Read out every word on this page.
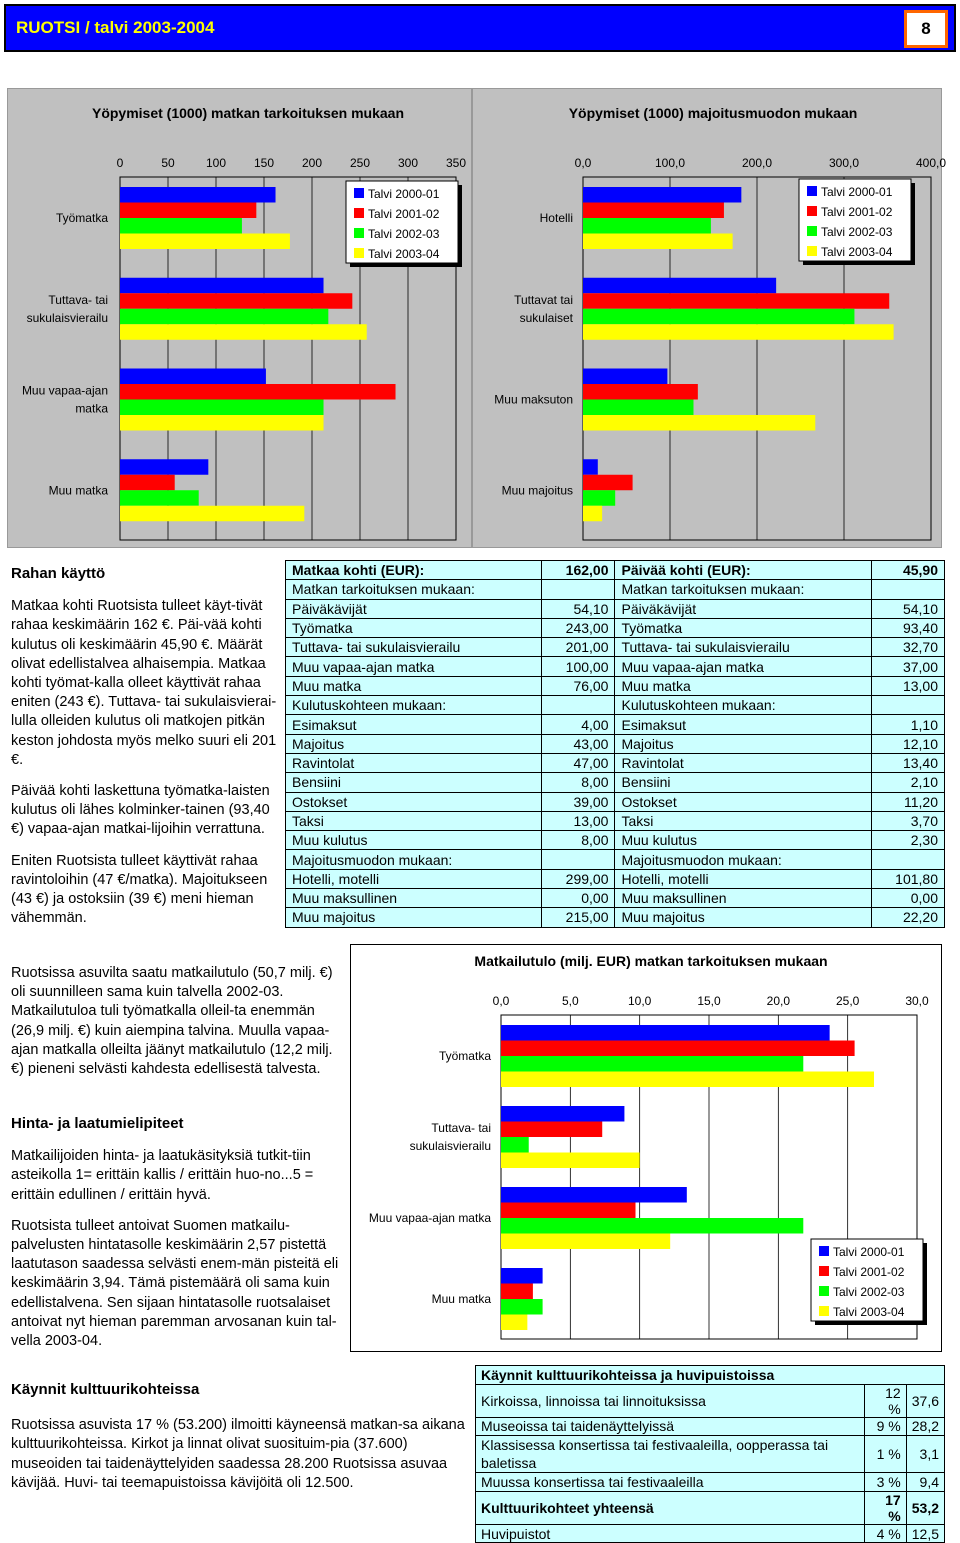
RUOTSI / talvi 2003-2004	8
Yöpymiset (1000) matkan tarkoituksen mukaan
0	50	100 150 200 250 300 350
Työmatka
Tuttava- tai
sukulaisvierailu
Muu vapaa-ajan
matka
Muu matka
Talvi 2000-01
Talvi 2001-02
Talvi 2002-03
Talvi 2003-04
Yöpymiset (1000) majoitusmuodon mukaan
0,0	100,0	200,0	300,0	400,0
Hotelli
Tuttavat tai
sukulaiset
Muu maksuton
Muu majoitus
Talvi 2000-01
Talvi 2001-02
Talvi 2002-03
Talvi 2003-04
Rahan käyttö

Matkaa kohti Ruotsista tulleet käyt-tivät rahaa keskimäärin 162 €. Päi-vää kohti kulutus oli keskimäärin 45,90 €. Määrät olivat edellistalvea alhaisempia. Matkaa kohti työmat-kalla olleet käyttivät rahaa eniten (243 €). Tuttava- tai sukulaisvierai-lulla olleiden kulutus oli matkojen pitkän keston johdosta myös melko suuri eli 201 €.

Päivää kohti laskettuna työmatka-laisten kulutus oli lähes kolminker-tainen (93,40 €) vapaa-ajan matkai-lijoihin verrattuna.

Eniten Ruotsista tulleet käyttivät rahaa ravintoloihin (47 €/matka). Majoitukseen (43 €) ja ostoksiin (39 €) meni hieman vähemmän.

Ruotsissa asuvilta saatu matkailutulo (50,7 milj. €) oli suunnilleen sama kuin talvella 2002-03. Matkailutuloa tuli työmatkalla olleil-ta enemmän (26,9 milj. €) kuin aiempina talvina. Muulla vapaa-ajan matkalla olleilta jäänyt matkailutulo (12,2 milj. €) pieneni selvästi kahdesta edellisestä talvesta.

Hinta- ja laatumielipiteet

Matkailijoiden hinta- ja laatukäsityksiä tutkit-tiin asteikolla 1= erittäin kallis / erittäin huo-no...5 = erittäin edullinen / erittäin hyvä.

Ruotsista tulleet antoivat Suomen matkailu-palvelusten hintatasolle keskimäärin 2,57 pistettä laatutason saadessa selvästi enem-män pisteitä eli keskimäärin 3,94. Tämä pistemäärä oli sama kuin edellistalvena. Sen sijaan hintatasolle ruotsalaiset antoivat nyt hieman paremman arvosanan kuin tal-vella 2003-04.

Käynnit kulttuurikohteissa

Ruotsissa asuvista 17 % (53.200) ilmoitti käyneensä matkan-sa aikana kulttuurikohteissa. Kirkot ja linnat olivat suosituim-pia (37.600) museoiden tai taidenäyttelyiden saadessa 28.200 Ruotsissa asuvaa kävijää. Huvi- tai teemapuistoissa kävijöitä oli 12.500.

Matkaa kohti (EUR):	162,00	Päivää kohti (EUR):	45,90
Matkan tarkoituksen mukaan:		Matkan tarkoituksen mukaan:	
Päiväkävijät	54,10	Päiväkävijät	54,10
Työmatka	243,00	Työmatka	93,40
Tuttava- tai sukulaisvierailu	201,00	Tuttava- tai sukulaisvierailu	32,70
Muu vapaa-ajan matka	100,00	Muu vapaa-ajan matka	37,00
Muu matka	76,00	Muu matka	13,00
Kulutuskohteen mukaan:		Kulutuskohteen mukaan:	
Esimaksut	4,00	Esimaksut	1,10
Majoitus	43,00	Majoitus	12,10
Ravintolat	47,00	Ravintolat	13,40
Bensiini	8,00	Bensiini	2,10
Ostokset	39,00	Ostokset	11,20
Taksi	13,00	Taksi	3,70
Muu kulutus	8,00	Muu kulutus	2,30
Majoitusmuodon mukaan:		Majoitusmuodon mukaan:	
Hotelli, motelli	299,00	Hotelli, motelli	101,80
Muu maksullinen	0,00	Muu maksullinen	0,00
Muu majoitus	215,00	Muu majoitus	22,20
Matkailutulo (milj. EUR) matkan tarkoituksen mukaan
0,0	5,0	10,0	15,0	20,0	25,0	30,0
Työmatka
Tuttava- tai
sukulaisvierailu
Muu vapaa-ajan matka
Muu matka
Talvi 2000-01
Talvi 2001-02
Talvi 2002-03
Talvi 2003-04
Käynnit kulttuurikohteissa ja huvipuistoissa		
Kirkoissa, linnoissa tai linnoituksissa	12 %	37,6
Museoissa tai taidenäyttelyissä	9 %	28,2
Klassisessa konsertissa tai festivaaleilla, oopperassa tai baletissa	1 %	3,1
Muussa konsertissa tai festivaaleilla	3 %	9,4
Kulttuurikohteet yhteensä	17 %	53,2
Huvipuistot	4 %	12,5
